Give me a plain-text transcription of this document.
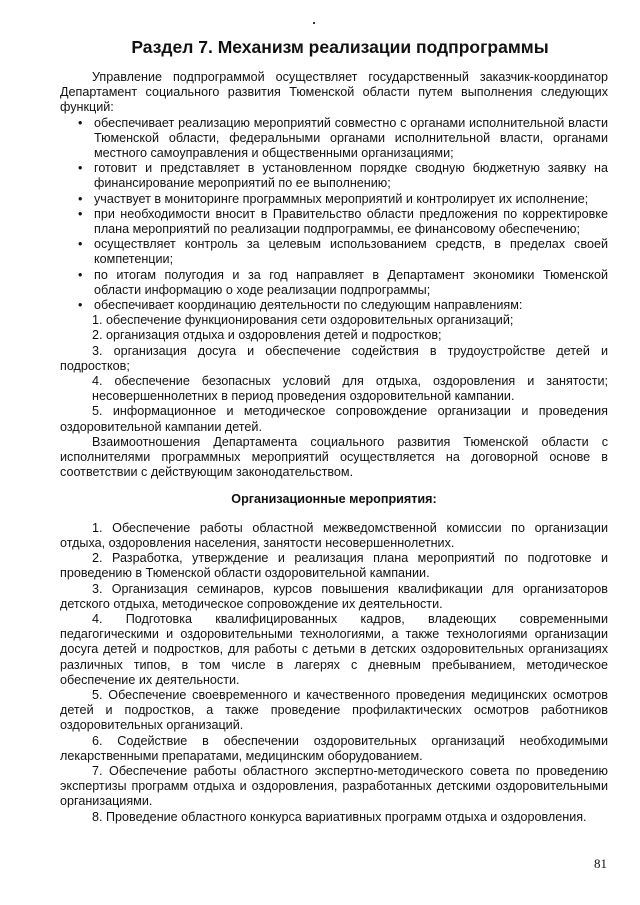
Раздел 7. Механизм реализации подпрограммы

Управление подпрограммой осуществляет государственный заказчик-координатор Департамент социального развития Тюменской области путем выполнения следующих функций:

• обеспечивает реализацию мероприятий совместно с органами исполнительной власти Тюменской области, федеральными органами исполнительной власти, органами местного самоуправления и общественными организациями;
• готовит и представляет в установленном порядке сводную бюджетную заявку на финансирование мероприятий по ее выполнению;
• участвует в мониторинге программных мероприятий и контролирует их исполнение;
• при необходимости вносит в Правительство области предложения по корректировке плана мероприятий по реализации подпрограммы, ее финансовому обеспечению;
• осуществляет контроль за целевым использованием средств, в пределах своей компетенции;
• по итогам полугодия и за год направляет в Департамент экономики Тюменской области информацию о ходе реализации подпрограммы;
• обеспечивает координацию деятельности по следующим направлениям:

1. обеспечение функционирования сети оздоровительных организаций;

2. организация отдыха и оздоровления детей и подростков;

3. организация досуга и обеспечение содействия в трудоустройстве детей и подростков;

4. обеспечение безопасных условий для отдыха, оздоровления и занятости; несовершеннолетних в период проведения оздоровительной кампании.

5. информационное и методическое сопровождение организации и проведения оздоровительной кампании детей.

Взаимоотношения Департамента социального развития Тюменской области с исполнителями программных мероприятий осуществляется на договорной основе в соответствии с действующим законодательством.

Организационные мероприятия:

1. Обеспечение работы областной межведомственной комиссии по организации отдыха, оздоровления населения, занятости несовершеннолетних.

2. Разработка, утверждение и реализация плана мероприятий по подготовке и проведению в Тюменской области оздоровительной кампании.

3. Организация семинаров, курсов повышения квалификации для организаторов детского отдыха, методическое сопровождение их деятельности.

4. Подготовка квалифицированных кадров, владеющих современными педагогическими и оздоровительными технологиями, а также технологиями организации досуга детей и подростков, для работы с детьми в детских оздоровительных организациях различных типов, в том числе в лагерях с дневным пребыванием, методическое обеспечение их деятельности.

5. Обеспечение своевременного и качественного проведения медицинских осмотров детей и подростков, а также проведение профилактических осмотров работников оздоровительных организаций.

6. Содействие в обеспечении оздоровительных организаций необходимыми лекарственными препаратами, медицинским оборудованием.

7. Обеспечение работы областного экспертно-методического совета по проведению экспертизы программ отдыха и оздоровления, разработанных детскими оздоровительными организациями.

8. Проведение областного конкурса вариативных программ отдыха и оздоровления.

81
